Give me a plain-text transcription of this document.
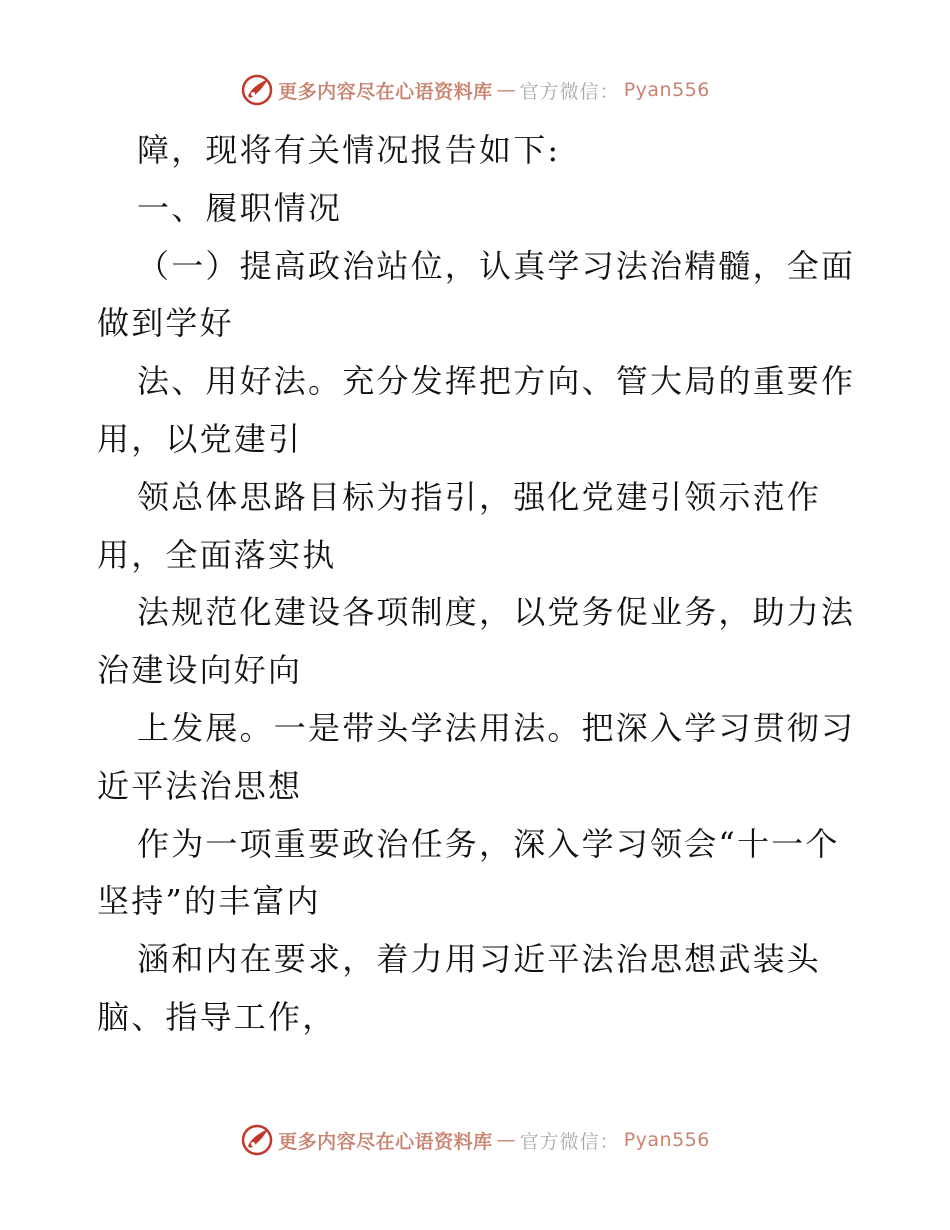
更多内容尽在心语资料库 — 官方微信： Pyan556
障，现将有关情况报告如下:
一、履职情况
（一）提高政治站位，认真学习法治精髓，全面
做到学好
法、用好法。充分发挥把方向、管大局的重要作
用，以党建引
领总体思路目标为指引，强化党建引领示范作
用，全面落实执
法规范化建设各项制度，以党务促业务，助力法
治建设向好向
上发展。一是带头学法用法。把深入学习贯彻习
近平法治思想
作为一项重要政治任务，深入学习领会“十一个
坚持”的丰富内
涵和内在要求，着力用习近平法治思想武装头
脑、指导工作，
更多内容尽在心语资料库 — 官方微信： Pyan556
